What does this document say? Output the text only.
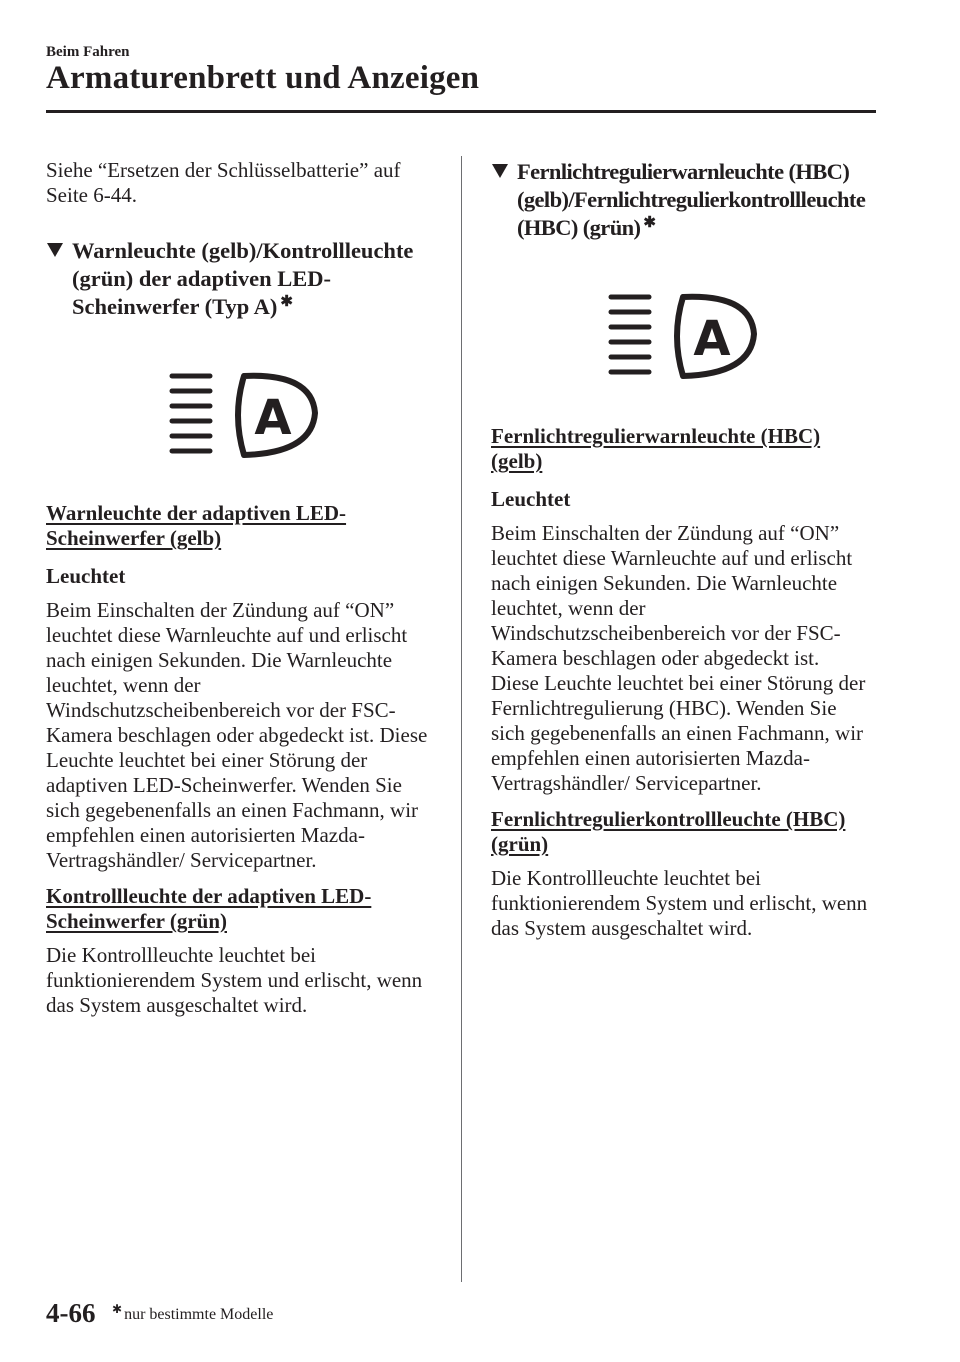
Beim Fahren
Armaturenbrett und Anzeigen

Siehe “Ersetzen der Schlüsselbatterie” auf Seite 6-44.

Warnleuchte (gelb)/Kontrollleuchte (grün) der adaptiven LED-Scheinwerfer (Typ A) ✱
A

Warnleuchte der adaptiven LED-Scheinwerfer (gelb)

Leuchtet

Beim Einschalten der Zündung auf “ON” leuchtet diese Warnleuchte auf und erlischt nach einigen Sekunden. Die Warnleuchte leuchtet, wenn der Windschutzscheibenbereich vor der FSC-Kamera beschlagen oder abgedeckt ist. Diese Leuchte leuchtet bei einer Störung der adaptiven LED-Scheinwerfer. Wenden Sie sich gegebenenfalls an einen Fachmann, wir empfehlen einen autorisierten Mazda-Vertragshändler/ Servicepartner.

Kontrollleuchte der adaptiven LED-Scheinwerfer (grün)

Die Kontrollleuchte leuchtet bei funktionierendem System und erlischt, wenn das System ausgeschaltet wird.

Fernlichtregulierwarnleuchte (HBC) (gelb)/Fernlichtregulierkontrollleuchte (HBC) (grün) ✱
A

Fernlichtregulierwarnleuchte (HBC) (gelb)

Leuchtet

Beim Einschalten der Zündung auf “ON” leuchtet diese Warnleuchte auf und erlischt nach einigen Sekunden. Die Warnleuchte leuchtet, wenn der Windschutzscheibenbereich vor der FSC-Kamera beschlagen oder abgedeckt ist. Diese Leuchte leuchtet bei einer Störung der Fernlichtregulierung (HBC). Wenden Sie sich gegebenenfalls an einen Fachmann, wir empfehlen einen autorisierten Mazda-Vertragshändler/ Servicepartner.

Fernlichtregulierkontrollleuchte (HBC) (grün)

Die Kontrollleuchte leuchtet bei funktionierendem System und erlischt, wenn das System ausgeschaltet wird.

4-66 ✱ nur bestimmte Modelle
